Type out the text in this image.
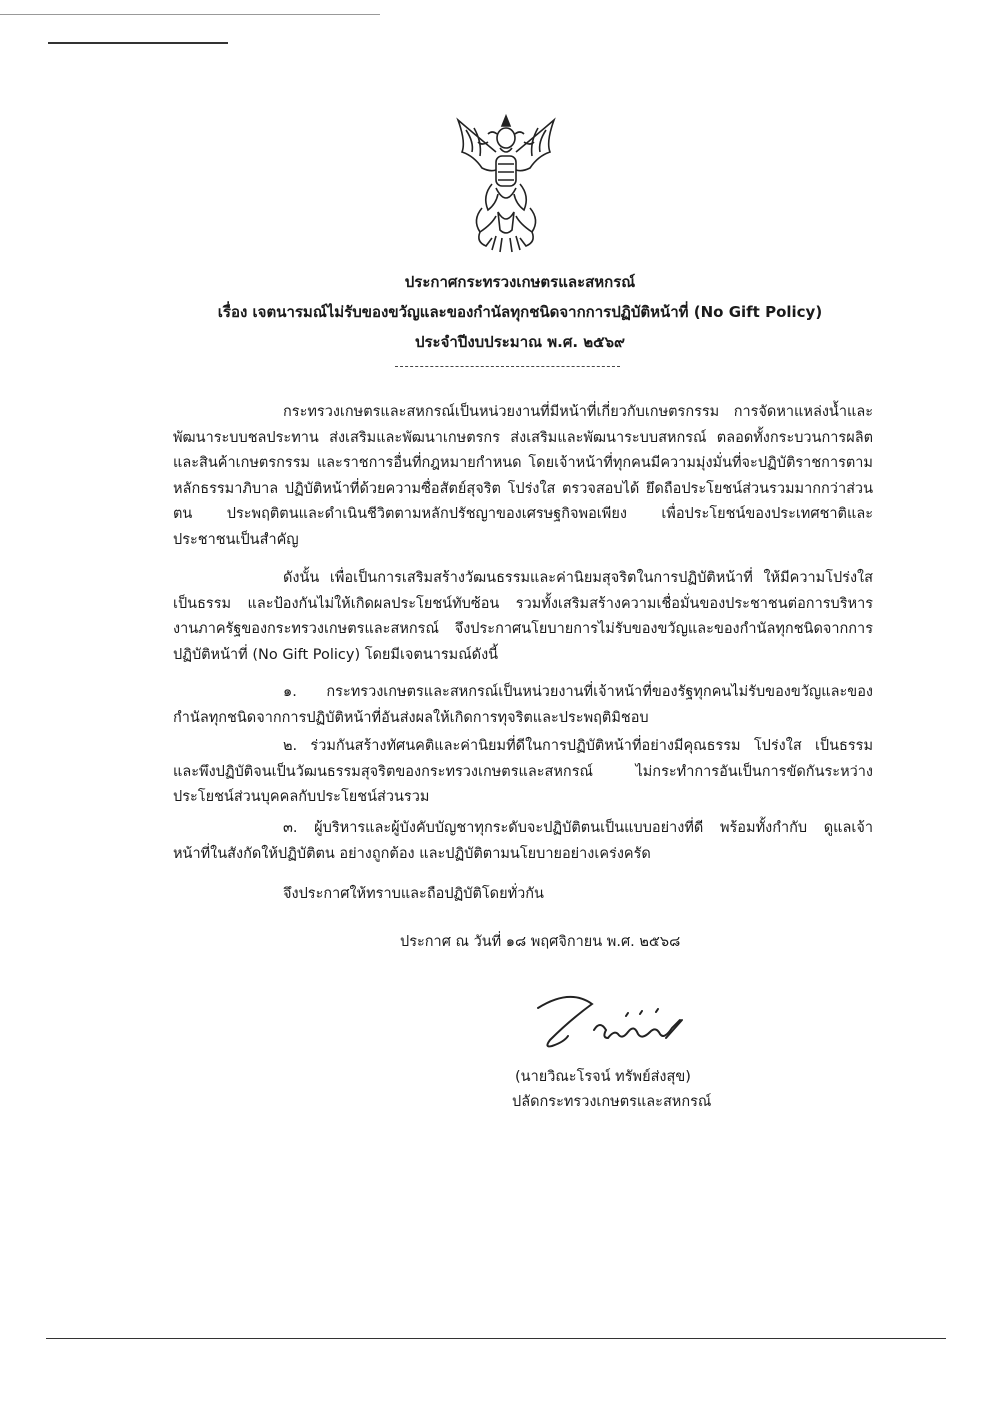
ประกาศกระทรวงเกษตรและสหกรณ์
เรื่อง เจตนารมณ์ไม่รับของขวัญและของกำนัลทุกชนิดจากการปฏิบัติหน้าที่ (No Gift Policy)
ประจำปีงบประมาณ พ.ศ. ๒๕๖๙

กระทรวงเกษตรและสหกรณ์เป็นหน่วยงานที่มีหน้าที่เกี่ยวกับเกษตรกรรม การจัดหาแหล่งน้ำและพัฒนาระบบชลประทาน ส่งเสริมและพัฒนาเกษตรกร ส่งเสริมและพัฒนาระบบสหกรณ์ ตลอดทั้งกระบวนการผลิตและสินค้าเกษตรกรรม และราชการอื่นที่กฎหมายกำหนด โดยเจ้าหน้าที่ทุกคนมีความมุ่งมั่นที่จะปฏิบัติราชการตามหลักธรรมาภิบาล ปฏิบัติหน้าที่ด้วยความซื่อสัตย์สุจริต โปร่งใส ตรวจสอบได้ ยึดถือประโยชน์ส่วนรวมมากกว่าส่วนตน ประพฤติตนและดำเนินชีวิตตามหลักปรัชญาของเศรษฐกิจพอเพียง เพื่อประโยชน์ของประเทศชาติและประชาชนเป็นสำคัญ

ดังนั้น เพื่อเป็นการเสริมสร้างวัฒนธรรมและค่านิยมสุจริตในการปฏิบัติหน้าที่ ให้มีความโปร่งใส เป็นธรรม และป้องกันไม่ให้เกิดผลประโยชน์ทับซ้อน รวมทั้งเสริมสร้างความเชื่อมั่นของประชาชนต่อการบริหารงานภาครัฐของกระทรวงเกษตรและสหกรณ์ จึงประกาศนโยบายการไม่รับของขวัญและของกำนัลทุกชนิดจากการปฏิบัติหน้าที่ (No Gift Policy) โดยมีเจตนารมณ์ดังนี้

๑. กระทรวงเกษตรและสหกรณ์เป็นหน่วยงานที่เจ้าหน้าที่ของรัฐทุกคนไม่รับของขวัญและของกำนัลทุกชนิดจากการปฏิบัติหน้าที่อันส่งผลให้เกิดการทุจริตและประพฤติมิชอบ

๒. ร่วมกันสร้างทัศนคติและค่านิยมที่ดีในการปฏิบัติหน้าที่อย่างมีคุณธรรม โปร่งใส เป็นธรรม และพึงปฏิบัติจนเป็นวัฒนธรรมสุจริตของกระทรวงเกษตรและสหกรณ์ ไม่กระทำการอันเป็นการขัดกันระหว่างประโยชน์ส่วนบุคคลกับประโยชน์ส่วนรวม

๓. ผู้บริหารและผู้บังคับบัญชาทุกระดับจะปฏิบัติตนเป็นแบบอย่างที่ดี พร้อมทั้งกำกับ ดูแลเจ้าหน้าที่ในสังกัดให้ปฏิบัติตน อย่างถูกต้อง และปฏิบัติตามนโยบายอย่างเคร่งครัด

จึงประกาศให้ทราบและถือปฏิบัติโดยทั่วกัน
ประกาศ ณ วันที่ ๑๘ พฤศจิกายน พ.ศ. ๒๕๖๘
(นายวิณะโรจน์ ทรัพย์ส่งสุข)
ปลัดกระทรวงเกษตรและสหกรณ์
